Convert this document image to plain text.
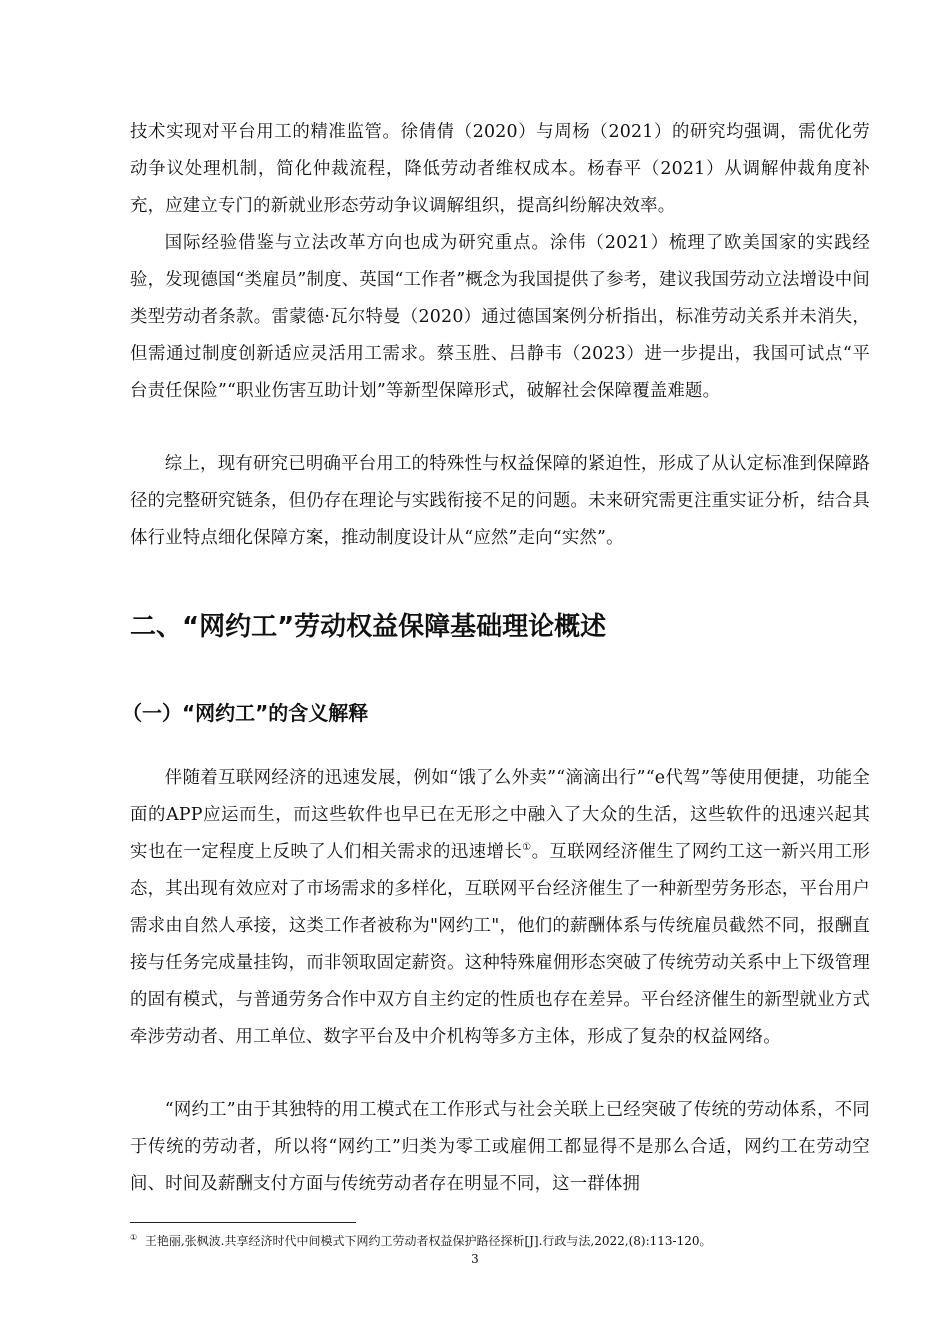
技术实现对平台用工的精准监管。徐倩倩（2020）与周杨（2021）的研究均强调，需优化劳动争议处理机制，简化仲裁流程，降低劳动者维权成本。杨春平（2021）从调解仲裁角度补充，应建立专门的新就业形态劳动争议调解组织，提高纠纷解决效率。

国际经验借鉴与立法改革方向也成为研究重点。涂伟（2021）梳理了欧美国家的实践经验，发现德国“类雇员”制度、英国“工作者”概念为我国提供了参考，建议我国劳动立法增设中间类型劳动者条款。雷蒙德·瓦尔特曼（2020）通过德国案例分析指出，标准劳动关系并未消失，但需通过制度创新适应灵活用工需求。蔡玉胜、吕静韦（2023）进一步提出，我国可试点“平台责任保险”“职业伤害互助计划”等新型保障形式，破解社会保障覆盖难题。

综上，现有研究已明确平台用工的特殊性与权益保障的紧迫性，形成了从认定标准到保障路径的完整研究链条，但仍存在理论与实践衔接不足的问题。未来研究需更注重实证分析，结合具体行业特点细化保障方案，推动制度设计从“应然”走向“实然”。

二、“网约工”劳动权益保障基础理论概述
（一）“网约工”的含义解释

伴随着互联网经济的迅速发展，例如“饿了么外卖”“滴滴出行”“e代驾”等使用便捷，功能全面的APP应运而生，而这些软件也早已在无形之中融入了大众的生活，这些软件的迅速兴起其实也在一定程度上反映了人们相关需求的迅速增长①。互联网经济催生了网约工这一新兴用工形态，其出现有效应对了市场需求的多样化，互联网平台经济催生了一种新型劳务形态，平台用户需求由自然人承接，这类工作者被称为"网约工"，他们的薪酬体系与传统雇员截然不同，报酬直接与任务完成量挂钩，而非领取固定薪资。这种特殊雇佣形态突破了传统劳动关系中上下级管理的固有模式，与普通劳务合作中双方自主约定的性质也存在差异。平台经济催生的新型就业方式牵涉劳动者、用工单位、数字平台及中介机构等多方主体，形成了复杂的权益网络。

“网约工”由于其独特的用工模式在工作形式与社会关联上已经突破了传统的劳动体系，不同于传统的劳动者，所以将“网约工”归类为零工或雇佣工都显得不是那么合适，网约工在劳动空间、时间及薪酬支付方面与传统劳动者存在明显不同，这一群体拥

① 王艳丽,张枫波.共享经济时代中间模式下网约工劳动者权益保护路径探析[J].行政与法,2022,(8):113-120。

3
